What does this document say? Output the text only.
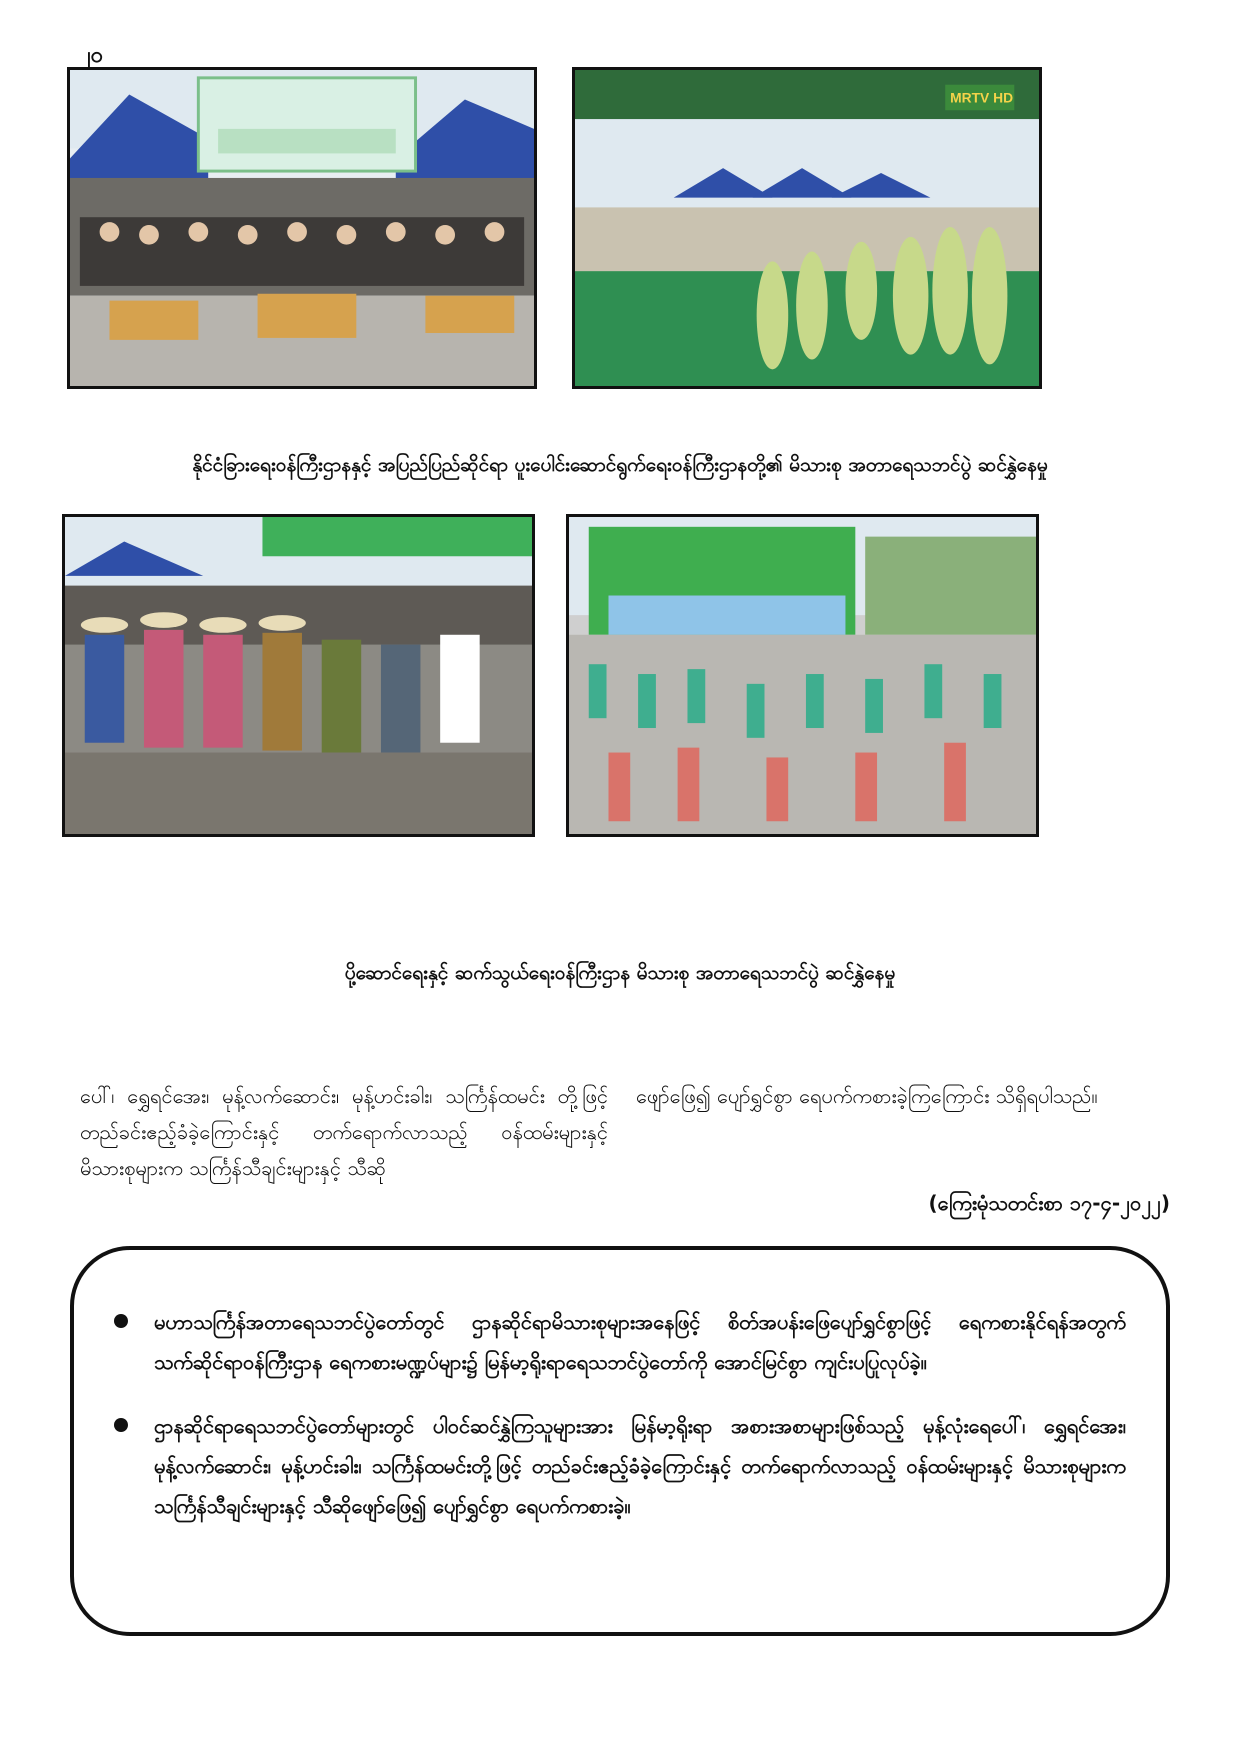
၂၀
MRTV HD
နိုင်ငံခြားရေးဝန်ကြီးဌာနနှင့် အပြည်ပြည်ဆိုင်ရာ ပူးပေါင်းဆောင်ရွက်ရေးဝန်ကြီးဌာနတို့၏ မိသားစု အတာရေသဘင်ပွဲ ဆင်နွှဲနေမှု
ပို့ဆောင်ရေးနှင့် ဆက်သွယ်ရေးဝန်ကြီးဌာန မိသားစု အတာရေသဘင်ပွဲ ဆင်နွှဲနေမှု
ပေါ်၊ ရွှေရင်အေး၊ မုန့်လက်ဆောင်း၊ မုန့်ဟင်းခါး၊ သင်္ကြန်ထမင်း တို့ဖြင့် တည်ခင်းဧည့်ခံခဲ့ကြောင်းနှင့် တက်ရောက်လာသည့် ဝန်ထမ်းများနှင့် မိသားစုများက သင်္ကြန်သီချင်းများနှင့် သီဆို
ဖျော်ဖြေ၍ ပျော်ရွှင်စွာ ရေပက်ကစားခဲ့ကြကြောင်း သိရှိရပါသည်။
(ကြေးမုံသတင်းစာ ၁၇-၄-၂၀၂၂)
မဟာသင်္ကြန်အတာရေသဘင်ပွဲတော်တွင် ဌာနဆိုင်ရာမိသားစုများအနေဖြင့် စိတ်အပန်းဖြေပျော်ရွှင်စွာဖြင့် ရေကစားနိုင်ရန်အတွက် သက်ဆိုင်ရာဝန်ကြီးဌာန ရေကစားမဏ္ဍပ်များ၌ မြန်မာ့ရိုးရာရေသဘင်ပွဲတော်ကို အောင်မြင်စွာ ကျင်းပပြုလုပ်ခဲ့။
ဌာနဆိုင်ရာရေသဘင်ပွဲတော်များတွင် ပါဝင်ဆင်နွှဲကြသူများအား မြန်မာ့ရိုးရာ အစားအစာများဖြစ်သည့် မုန့်လုံးရေပေါ်၊ ရွှေရင်အေး၊ မုန့်လက်ဆောင်း၊ မုန့်ဟင်းခါး၊ သင်္ကြန်ထမင်းတို့ဖြင့် တည်ခင်းဧည့်ခံခဲ့ကြောင်းနှင့် တက်ရောက်လာသည့် ဝန်ထမ်းများနှင့် မိသားစုများက သင်္ကြန်သီချင်းများနှင့် သီဆိုဖျော်ဖြေ၍ ပျော်ရွှင်စွာ ရေပက်ကစားခဲ့။
